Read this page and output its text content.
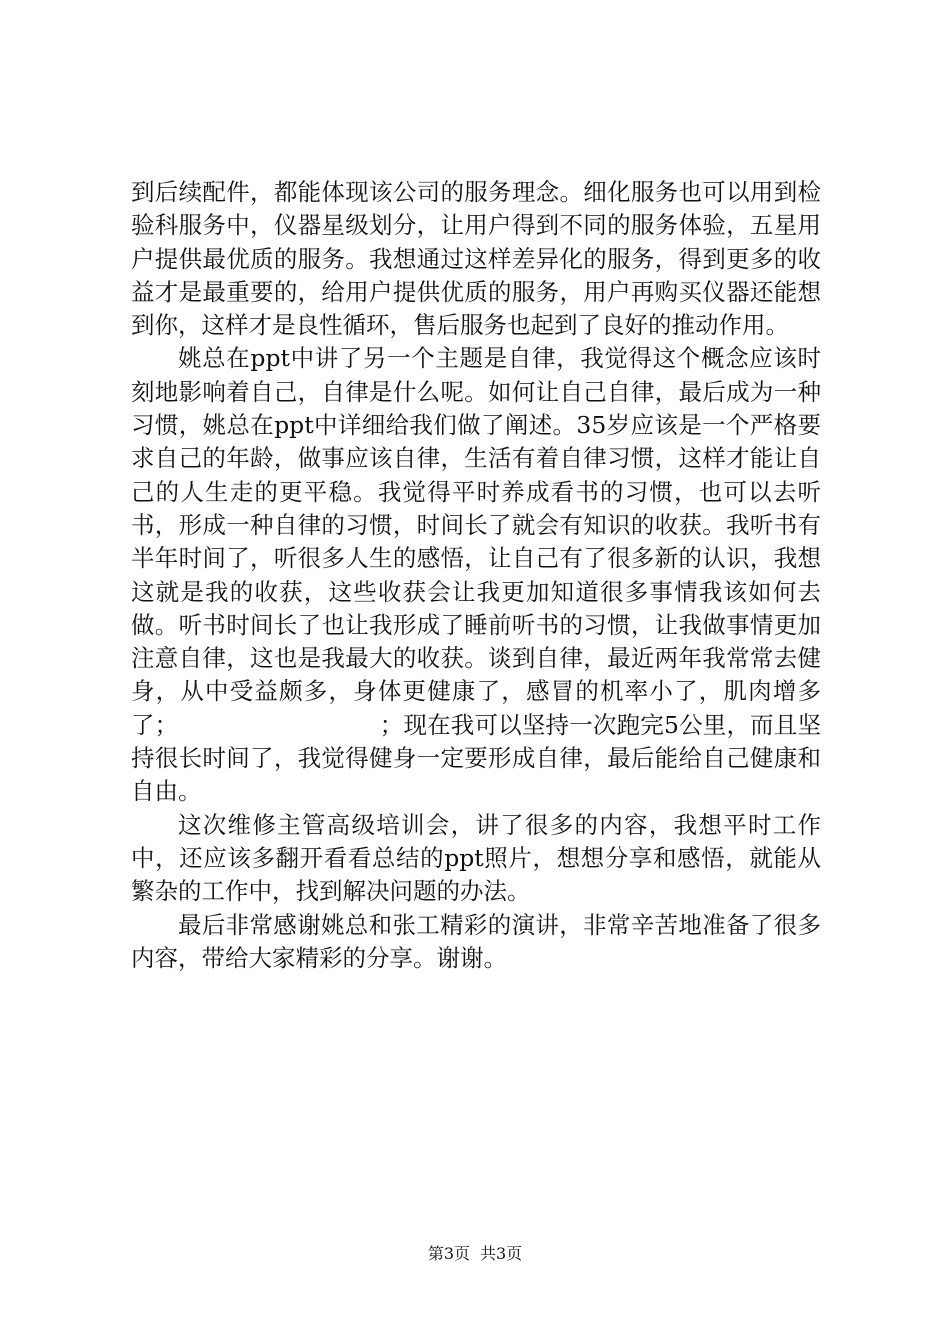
到后续配件，都能体现该公司的服务理念。细化服务也可以用到检验科服务中，仪器星级划分，让用户得到不同的服务体验，五星用户提供最优质的服务。我想通过这样差异化的服务，得到更多的收益才是最重要的，给用户提供优质的服务，用户再购买仪器还能想到你，这样才是良性循环，售后服务也起到了良好的推动作用。

姚总在ppt中讲了另一个主题是自律，我觉得这个概念应该时刻地影响着自己，自律是什么呢。如何让自己自律，最后成为一种习惯，姚总在ppt中详细给我们做了阐述。35岁应该是一个严格要求自己的年龄，做事应该自律，生活有着自律习惯，这样才能让自己的人生走的更平稳。我觉得平时养成看书的习惯，也可以去听书，形成一种自律的习惯，时间长了就会有知识的收获。我听书有半年时间了，听很多人生的感悟，让自己有了很多新的认识，我想这就是我的收获，这些收获会让我更加知道很多事情我该如何去做。听书时间长了也让我形成了睡前听书的习惯，让我做事情更加注意自律，这也是我最大的收获。谈到自律，最近两年我常常去健身，从中受益颇多，身体更健康了，感冒的机率小了，肌肉增多了；　　　　　　　　　；现在我可以坚持一次跑完5公里，而且坚持很长时间了，我觉得健身一定要形成自律，最后能给自己健康和自由。

这次维修主管高级培训会，讲了很多的内容，我想平时工作中，还应该多翻开看看总结的ppt照片，想想分享和感悟，就能从繁杂的工作中，找到解决问题的办法。

最后非常感谢姚总和张工精彩的演讲，非常辛苦地准备了很多内容，带给大家精彩的分享。谢谢。

第3页 共3页
